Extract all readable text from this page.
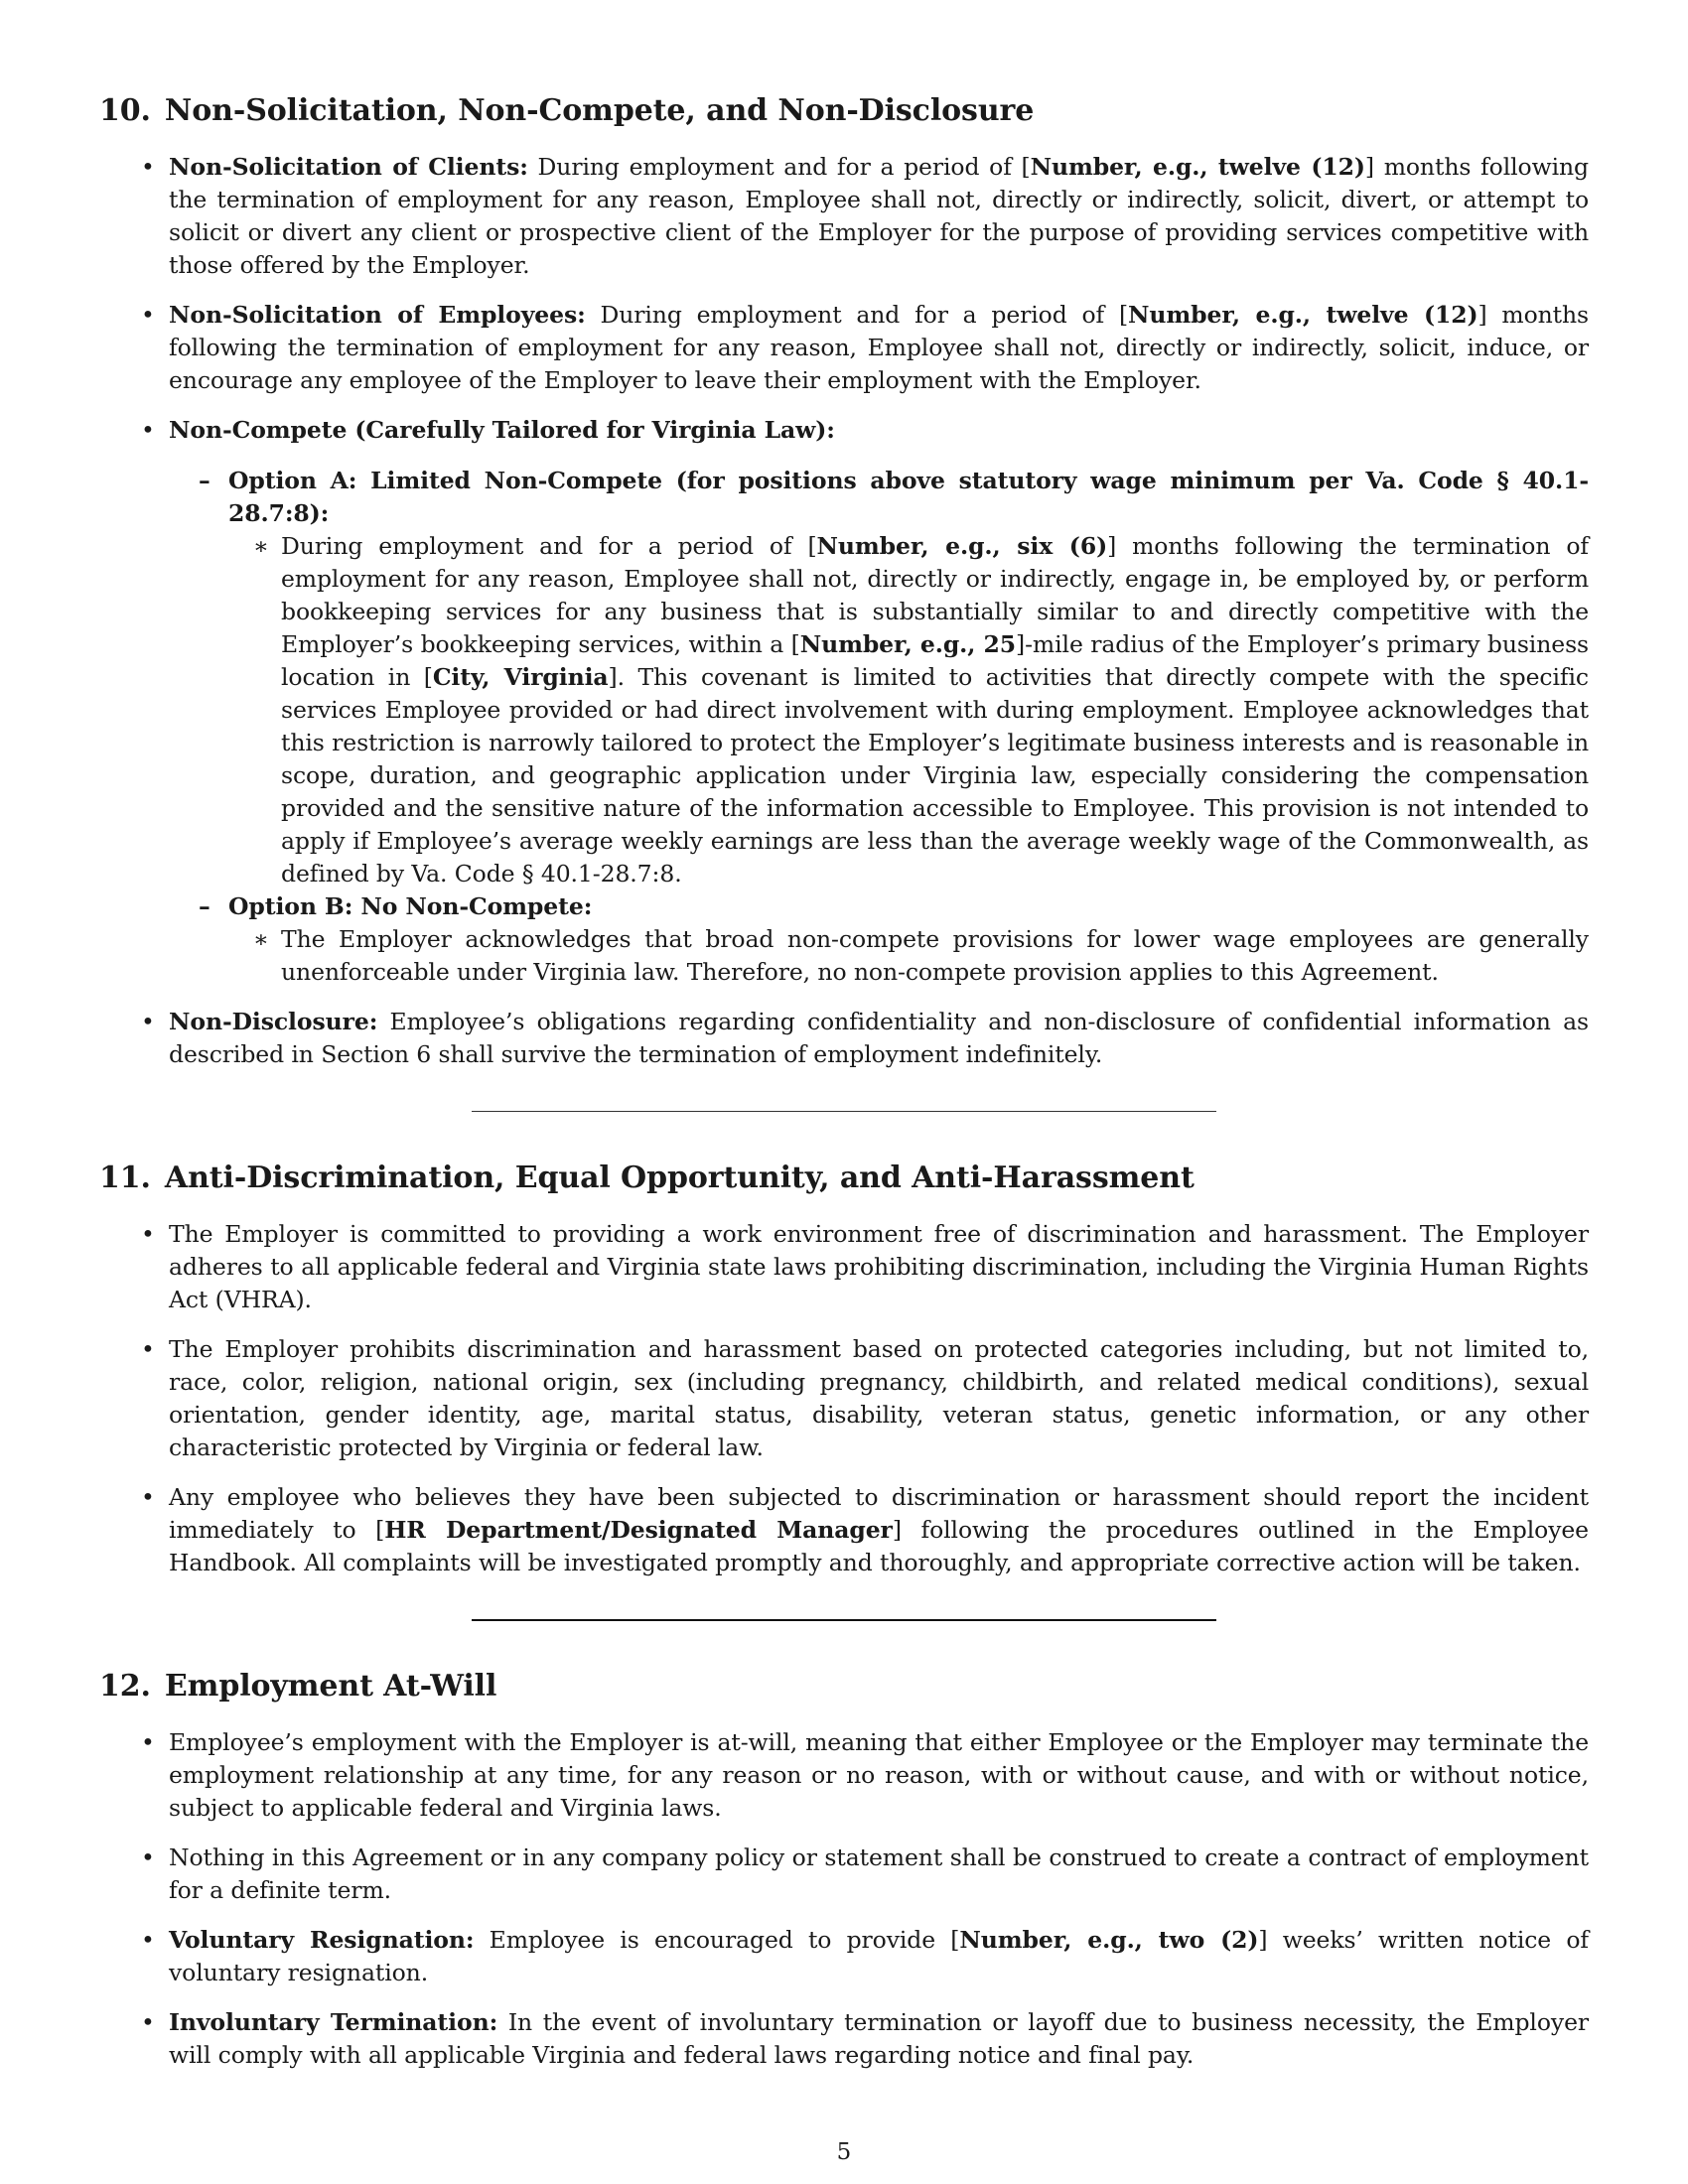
10. Non-Solicitation, Non-Compete, and Non-Disclosure
• Non-Solicitation of Clients: During employment and for a period of [Number, e.g., twelve (12)] months following the termination of employment for any reason, Employee shall not, directly or indirectly, solicit, divert, or attempt to solicit or divert any client or prospective client of the Employer for the purpose of providing services competitive with those offered by the Employer.
• Non-Solicitation of Employees: During employment and for a period of [Number, e.g., twelve (12)] months following the termination of employment for any reason, Employee shall not, directly or indirectly, solicit, induce, or encourage any employee of the Employer to leave their employment with the Employer.
• Non-Compete (Carefully Tailored for Virginia Law):
– Option A: Limited Non-Compete (for positions above statutory wage minimum per Va. Code § 40.1-28.7:8):
∗ During employment and for a period of [Number, e.g., six (6)] months following the termination of employment for any reason, Employee shall not, directly or indirectly, engage in, be employed by, or perform bookkeeping services for any business that is substantially similar to and directly competitive with the Employer’s bookkeeping services, within a [Number, e.g., 25]-mile radius of the Employer’s primary business location in [City, Virginia]. This covenant is limited to activities that directly compete with the specific services Employee provided or had direct involvement with during employment. Employee acknowledges that this restriction is narrowly tailored to protect the Employer’s legitimate business interests and is reasonable in scope, duration, and geographic application under Virginia law, especially considering the compensation provided and the sensitive nature of the information accessible to Employee. This provision is not intended to apply if Employee’s average weekly earnings are less than the average weekly wage of the Commonwealth, as defined by Va. Code § 40.1-28.7:8.
– Option B: No Non-Compete:
∗ The Employer acknowledges that broad non-compete provisions for lower wage employees are generally unenforceable under Virginia law. Therefore, no non-compete provision applies to this Agreement.
• Non-Disclosure: Employee’s obligations regarding confidentiality and non-disclosure of confidential information as described in Section 6 shall survive the termination of employment indefinitely.
11. Anti-Discrimination, Equal Opportunity, and Anti-Harassment
• The Employer is committed to providing a work environment free of discrimination and harassment. The Employer adheres to all applicable federal and Virginia state laws prohibiting discrimination, including the Virginia Human Rights Act (VHRA).
• The Employer prohibits discrimination and harassment based on protected categories including, but not limited to, race, color, religion, national origin, sex (including pregnancy, childbirth, and related medical conditions), sexual orientation, gender identity, age, marital status, disability, veteran status, genetic information, or any other characteristic protected by Virginia or federal law.
• Any employee who believes they have been subjected to discrimination or harassment should report the incident immediately to [HR Department/Designated Manager] following the procedures outlined in the Employee Handbook. All complaints will be investigated promptly and thoroughly, and appropriate corrective action will be taken.
12. Employment At-Will
• Employee’s employment with the Employer is at-will, meaning that either Employee or the Employer may terminate the employment relationship at any time, for any reason or no reason, with or without cause, and with or without notice, subject to applicable federal and Virginia laws.
• Nothing in this Agreement or in any company policy or statement shall be construed to create a contract of employment for a definite term.
• Voluntary Resignation: Employee is encouraged to provide [Number, e.g., two (2)] weeks’ written notice of voluntary resignation.
• Involuntary Termination: In the event of involuntary termination or layoff due to business necessity, the Employer will comply with all applicable Virginia and federal laws regarding notice and final pay.
5
